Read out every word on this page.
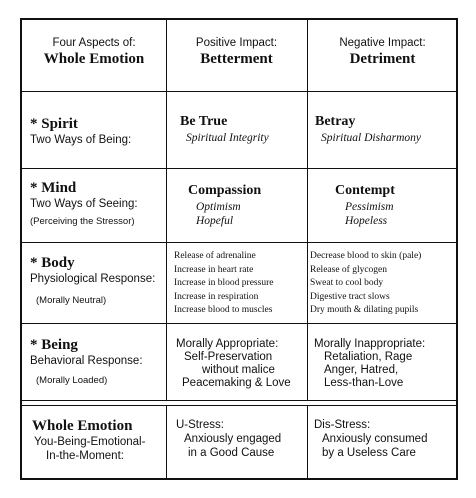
Four Aspects of:
Whole Emotion
Positive Impact:
Betterment
Negative Impact:
Detriment
* Spirit
Two Ways of Being:
Be True
Spiritual Integrity
Betray
Spiritual Disharmony
* Mind
Two Ways of Seeing:
(Perceiving the Stressor)
Compassion
Optimism
Hopeful
Contempt
Pessimism
Hopeless
* Body
Physiological Response:
(Morally Neutral)
Release of adrenaline
Increase in heart rate
Increase in blood pressure
Increase in respiration
Increase blood to muscles
Decrease blood to skin (pale)
Release of glycogen
Sweat to cool body
Digestive tract slows
Dry mouth & dilating pupils
* Being
Behavioral Response:
(Morally Loaded)
Morally Appropriate:
Self-Preservation
without malice
Peacemaking & Love
Morally Inappropriate:
Retaliation, Rage
Anger, Hatred,
Less-than-Love
Whole Emotion
You-Being-Emotional-
In-the-Moment:
U-Stress:
Anxiously engaged
in a Good Cause
Dis-Stress:
Anxiously consumed
by a Useless Care
